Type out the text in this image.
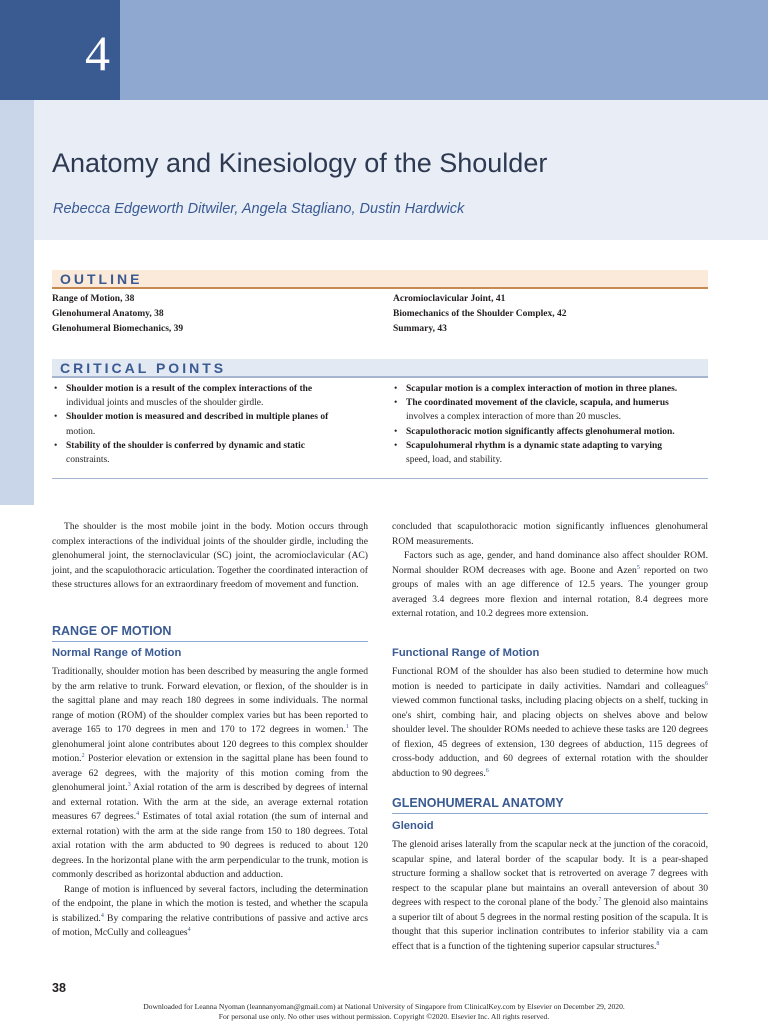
4
Anatomy and Kinesiology of the Shoulder
Rebecca Edgeworth Ditwiler, Angela Stagliano, Dustin Hardwick
OUTLINE
Range of Motion, 38
Glenohumeral Anatomy, 38
Glenohumeral Biomechanics, 39
Acromioclavicular Joint, 41
Biomechanics of the Shoulder Complex, 42
Summary, 43
CRITICAL POINTS
• Shoulder motion is a result of the complex interactions of the
individual joints and muscles of the shoulder girdle.
• Shoulder motion is measured and described in multiple planes of
motion.
• Stability of the shoulder is conferred by dynamic and static
constraints.
• Scapular motion is a complex interaction of motion in three planes.
• The coordinated movement of the clavicle, scapula, and humerus
involves a complex interaction of more than 20 muscles.
• Scapulothoracic motion significantly affects glenohumeral motion.
• Scapulohumeral rhythm is a dynamic state adapting to varying
speed, load, and stability.

The shoulder is the most mobile joint in the body. Motion occurs through complex interactions of the individual joints of the shoulder girdle, including the glenohumeral joint, the sternoclavicular (SC) joint, the acromioclavicular (AC) joint, and the scapulothoracic articulation. Together the coordinated interaction of these structures allows for an extraordinary freedom of movement and function.

RANGE OF MOTION
Normal Range of Motion

Traditionally, shoulder motion has been described by measuring the angle formed by the arm relative to trunk. Forward elevation, or flexion, of the shoulder is in the sagittal plane and may reach 180 degrees in some individuals. The normal range of motion (ROM) of the shoulder complex varies but has been reported to average 165 to 170 degrees in men and 170 to 172 degrees in women.$^1$ The glenohumeral joint alone contributes about 120 degrees to this complex shoulder motion.$^2$ Posterior elevation or extension in the sagittal plane has been found to average 62 degrees, with the majority of this motion coming from the glenohumeral joint.$^3$ Axial rotation of the arm is described by degrees of internal and external rotation. With the arm at the side, an average external rotation measures 67 degrees.$^4$ Estimates of total axial rotation (the sum of internal and external rotation) with the arm at the side range from 150 to 180 degrees. Total axial rotation with the arm abducted to 90 degrees is reduced to about 120 degrees. In the horizontal plane with the arm perpendicular to the trunk, motion is commonly described as horizontal abduction and adduction.

Range of motion is influenced by several factors, including the determination of the endpoint, the plane in which the motion is tested, and whether the scapula is stabilized.$^4$ By comparing the relative contributions of passive and active arcs of motion, McCully and colleagues$^4$

concluded that scapulothoracic motion significantly influences glenohumeral ROM measurements.

Factors such as age, gender, and hand dominance also affect shoulder ROM. Normal shoulder ROM decreases with age. Boone and Azen$^5$ reported on two groups of males with an age difference of 12.5 years. The younger group averaged 3.4 degrees more flexion and internal rotation, 8.4 degrees more external rotation, and 10.2 degrees more extension.

Functional Range of Motion

Functional ROM of the shoulder has also been studied to determine how much motion is needed to participate in daily activities. Namdari and colleagues$^6$ viewed common functional tasks, including placing objects on a shelf, tucking in one's shirt, combing hair, and placing objects on shelves above and below shoulder level. The shoulder ROMs needed to achieve these tasks are 120 degrees of flexion, 45 degrees of extension, 130 degrees of abduction, 115 degrees of cross-body adduction, and 60 degrees of external rotation with the shoulder abduction to 90 degrees.$^6$

GLENOHUMERAL ANATOMY
Glenoid

The glenoid arises laterally from the scapular neck at the junction of the coracoid, scapular spine, and lateral border of the scapular body. It is a pear-shaped structure forming a shallow socket that is retroverted on average 7 degrees with respect to the scapular plane but maintains an overall anteversion of about 30 degrees with respect to the coronal plane of the body.$^7$ The glenoid also maintains a superior tilt of about 5 degrees in the normal resting position of the scapula. It is thought that this superior inclination contributes to inferior stability via a cam effect that is a function of the tightening superior capsular structures.$^8$

38
Downloaded for Leanna Nyoman (leannanyoman@gmail.com) at National University of Singapore from ClinicalKey.com by Elsevier on December 29, 2020.
For personal use only. No other uses without permission. Copyright ©2020. Elsevier Inc. All rights reserved.
